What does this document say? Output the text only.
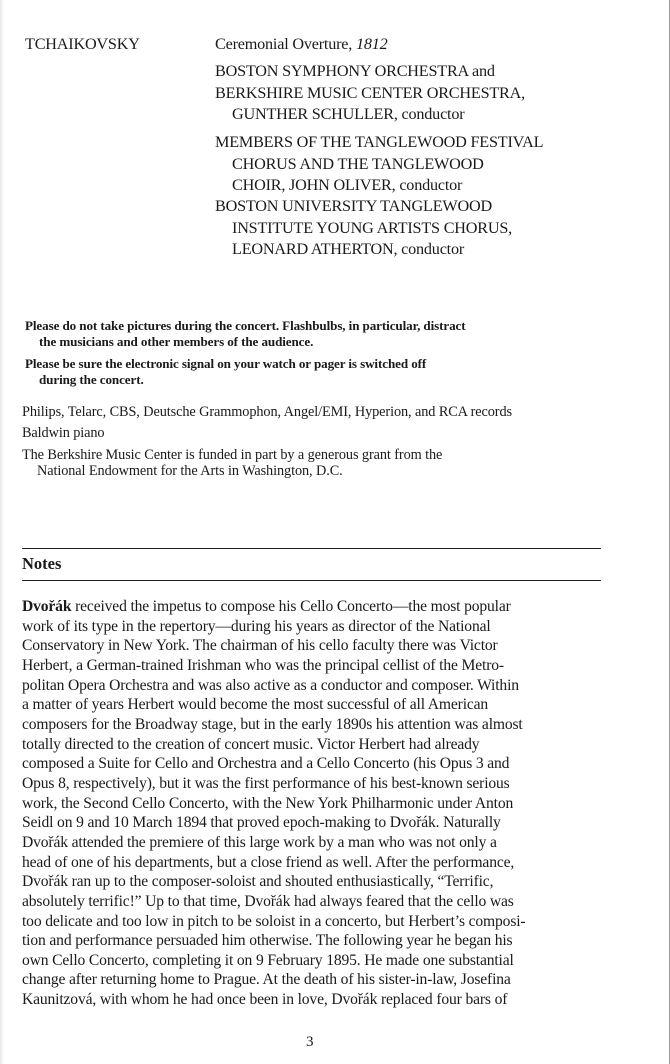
TCHAIKOVSKY	Ceremonial Overture, 1812
BOSTON SYMPHONY ORCHESTRA and
BERKSHIRE MUSIC CENTER ORCHESTRA,
GUNTHER SCHULLER, conductor
MEMBERS OF THE TANGLEWOOD FESTIVAL
CHORUS AND THE TANGLEWOOD
CHOIR, JOHN OLIVER, conductor
BOSTON UNIVERSITY TANGLEWOOD
INSTITUTE YOUNG ARTISTS CHORUS,
LEONARD ATHERTON, conductor
Please do not take pictures during the concert. Flashbulbs, in particular, distract
the musicians and other members of the audience.
Please be sure the electronic signal on your watch or pager is switched off
during the concert.
Philips, Telarc, CBS, Deutsche Grammophon, Angel/EMI, Hyperion, and RCA records
Baldwin piano
The Berkshire Music Center is funded in part by a generous grant from the
National Endowment for the Arts in Washington, D.C.
Notes
Dvořák received the impetus to compose his Cello Concerto—the most popular
work of its type in the repertory—during his years as director of the National
Conservatory in New York. The chairman of his cello faculty there was Victor
Herbert, a German-trained Irishman who was the principal cellist of the Metro-
politan Opera Orchestra and was also active as a conductor and composer. Within
a matter of years Herbert would become the most successful of all American
composers for the Broadway stage, but in the early 1890s his attention was almost
totally directed to the creation of concert music. Victor Herbert had already
composed a Suite for Cello and Orchestra and a Cello Concerto (his Opus 3 and
Opus 8, respectively), but it was the first performance of his best-known serious
work, the Second Cello Concerto, with the New York Philharmonic under Anton
Seidl on 9 and 10 March 1894 that proved epoch-making to Dvořák. Naturally
Dvořák attended the premiere of this large work by a man who was not only a
head of one of his departments, but a close friend as well. After the performance,
Dvořák ran up to the composer-soloist and shouted enthusiastically, “Terrific,
absolutely terrific!” Up to that time, Dvořák had always feared that the cello was
too delicate and too low in pitch to be soloist in a concerto, but Herbert’s composi-
tion and performance persuaded him otherwise. The following year he began his
own Cello Concerto, completing it on 9 February 1895. He made one substantial
change after returning home to Prague. At the death of his sister-in-law, Josefina
Kaunitzová, with whom he had once been in love, Dvořák replaced four bars of
3
